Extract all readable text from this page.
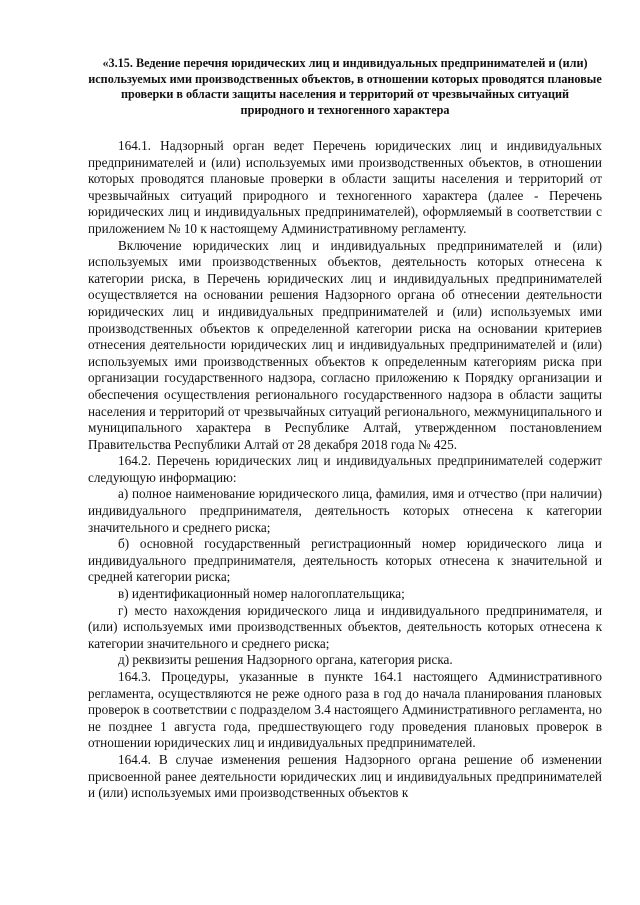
«3.15. Ведение перечня юридических лиц и индивидуальных предпринимателей и (или) используемых ими производственных объектов, в отношении которых проводятся плановые проверки в области защиты населения и территорий от чрезвычайных ситуаций природного и техногенного характера

164.1. Надзорный орган ведет Перечень юридических лиц и индивидуальных предпринимателей и (или) используемых ими производственных объектов, в отношении которых проводятся плановые проверки в области защиты населения и территорий от чрезвычайных ситуаций природного и техногенного характера (далее - Перечень юридических лиц и индивидуальных предпринимателей), оформляемый в соответствии с приложением № 10 к настоящему Административному регламенту.

Включение юридических лиц и индивидуальных предпринимателей и (или) используемых ими производственных объектов, деятельность которых отнесена к категории риска, в Перечень юридических лиц и индивидуальных предпринимателей осуществляется на основании решения Надзорного органа об отнесении деятельности юридических лиц и индивидуальных предпринимателей и (или) используемых ими производственных объектов к определенной категории риска на основании критериев отнесения деятельности юридических лиц и индивидуальных предпринимателей и (или) используемых ими производственных объектов к определенным категориям риска при организации государственного надзора, согласно приложению к Порядку организации и обеспечения осуществления регионального государственного надзора в области защиты населения и территорий от чрезвычайных ситуаций регионального, межмуниципального и муниципального характера в Республике Алтай, утвержденном постановлением Правительства Республики Алтай от 28 декабря 2018 года № 425.

164.2. Перечень юридических лиц и индивидуальных предпринимателей содержит следующую информацию:

а) полное наименование юридического лица, фамилия, имя и отчество (при наличии) индивидуального предпринимателя, деятельность которых отнесена к категории значительного и среднего риска;

б) основной государственный регистрационный номер юридического лица и индивидуального предпринимателя, деятельность которых отнесена к значительной и средней категории риска;

в) идентификационный номер налогоплательщика;

г) место нахождения юридического лица и индивидуального предпринимателя, и (или) используемых ими производственных объектов, деятельность которых отнесена к категории значительного и среднего риска;

д) реквизиты решения Надзорного органа, категория риска.

164.3. Процедуры, указанные в пункте 164.1 настоящего Административного регламента, осуществляются не реже одного раза в год до начала планирования плановых проверок в соответствии с подразделом 3.4 настоящего Административного регламента, но не позднее 1 августа года, предшествующего году проведения плановых проверок в отношении юридических лиц и индивидуальных предпринимателей.

164.4. В случае изменения решения Надзорного органа решение об изменении присвоенной ранее деятельности юридических лиц и индивидуальных предпринимателей и (или) используемых ими производственных объектов к
